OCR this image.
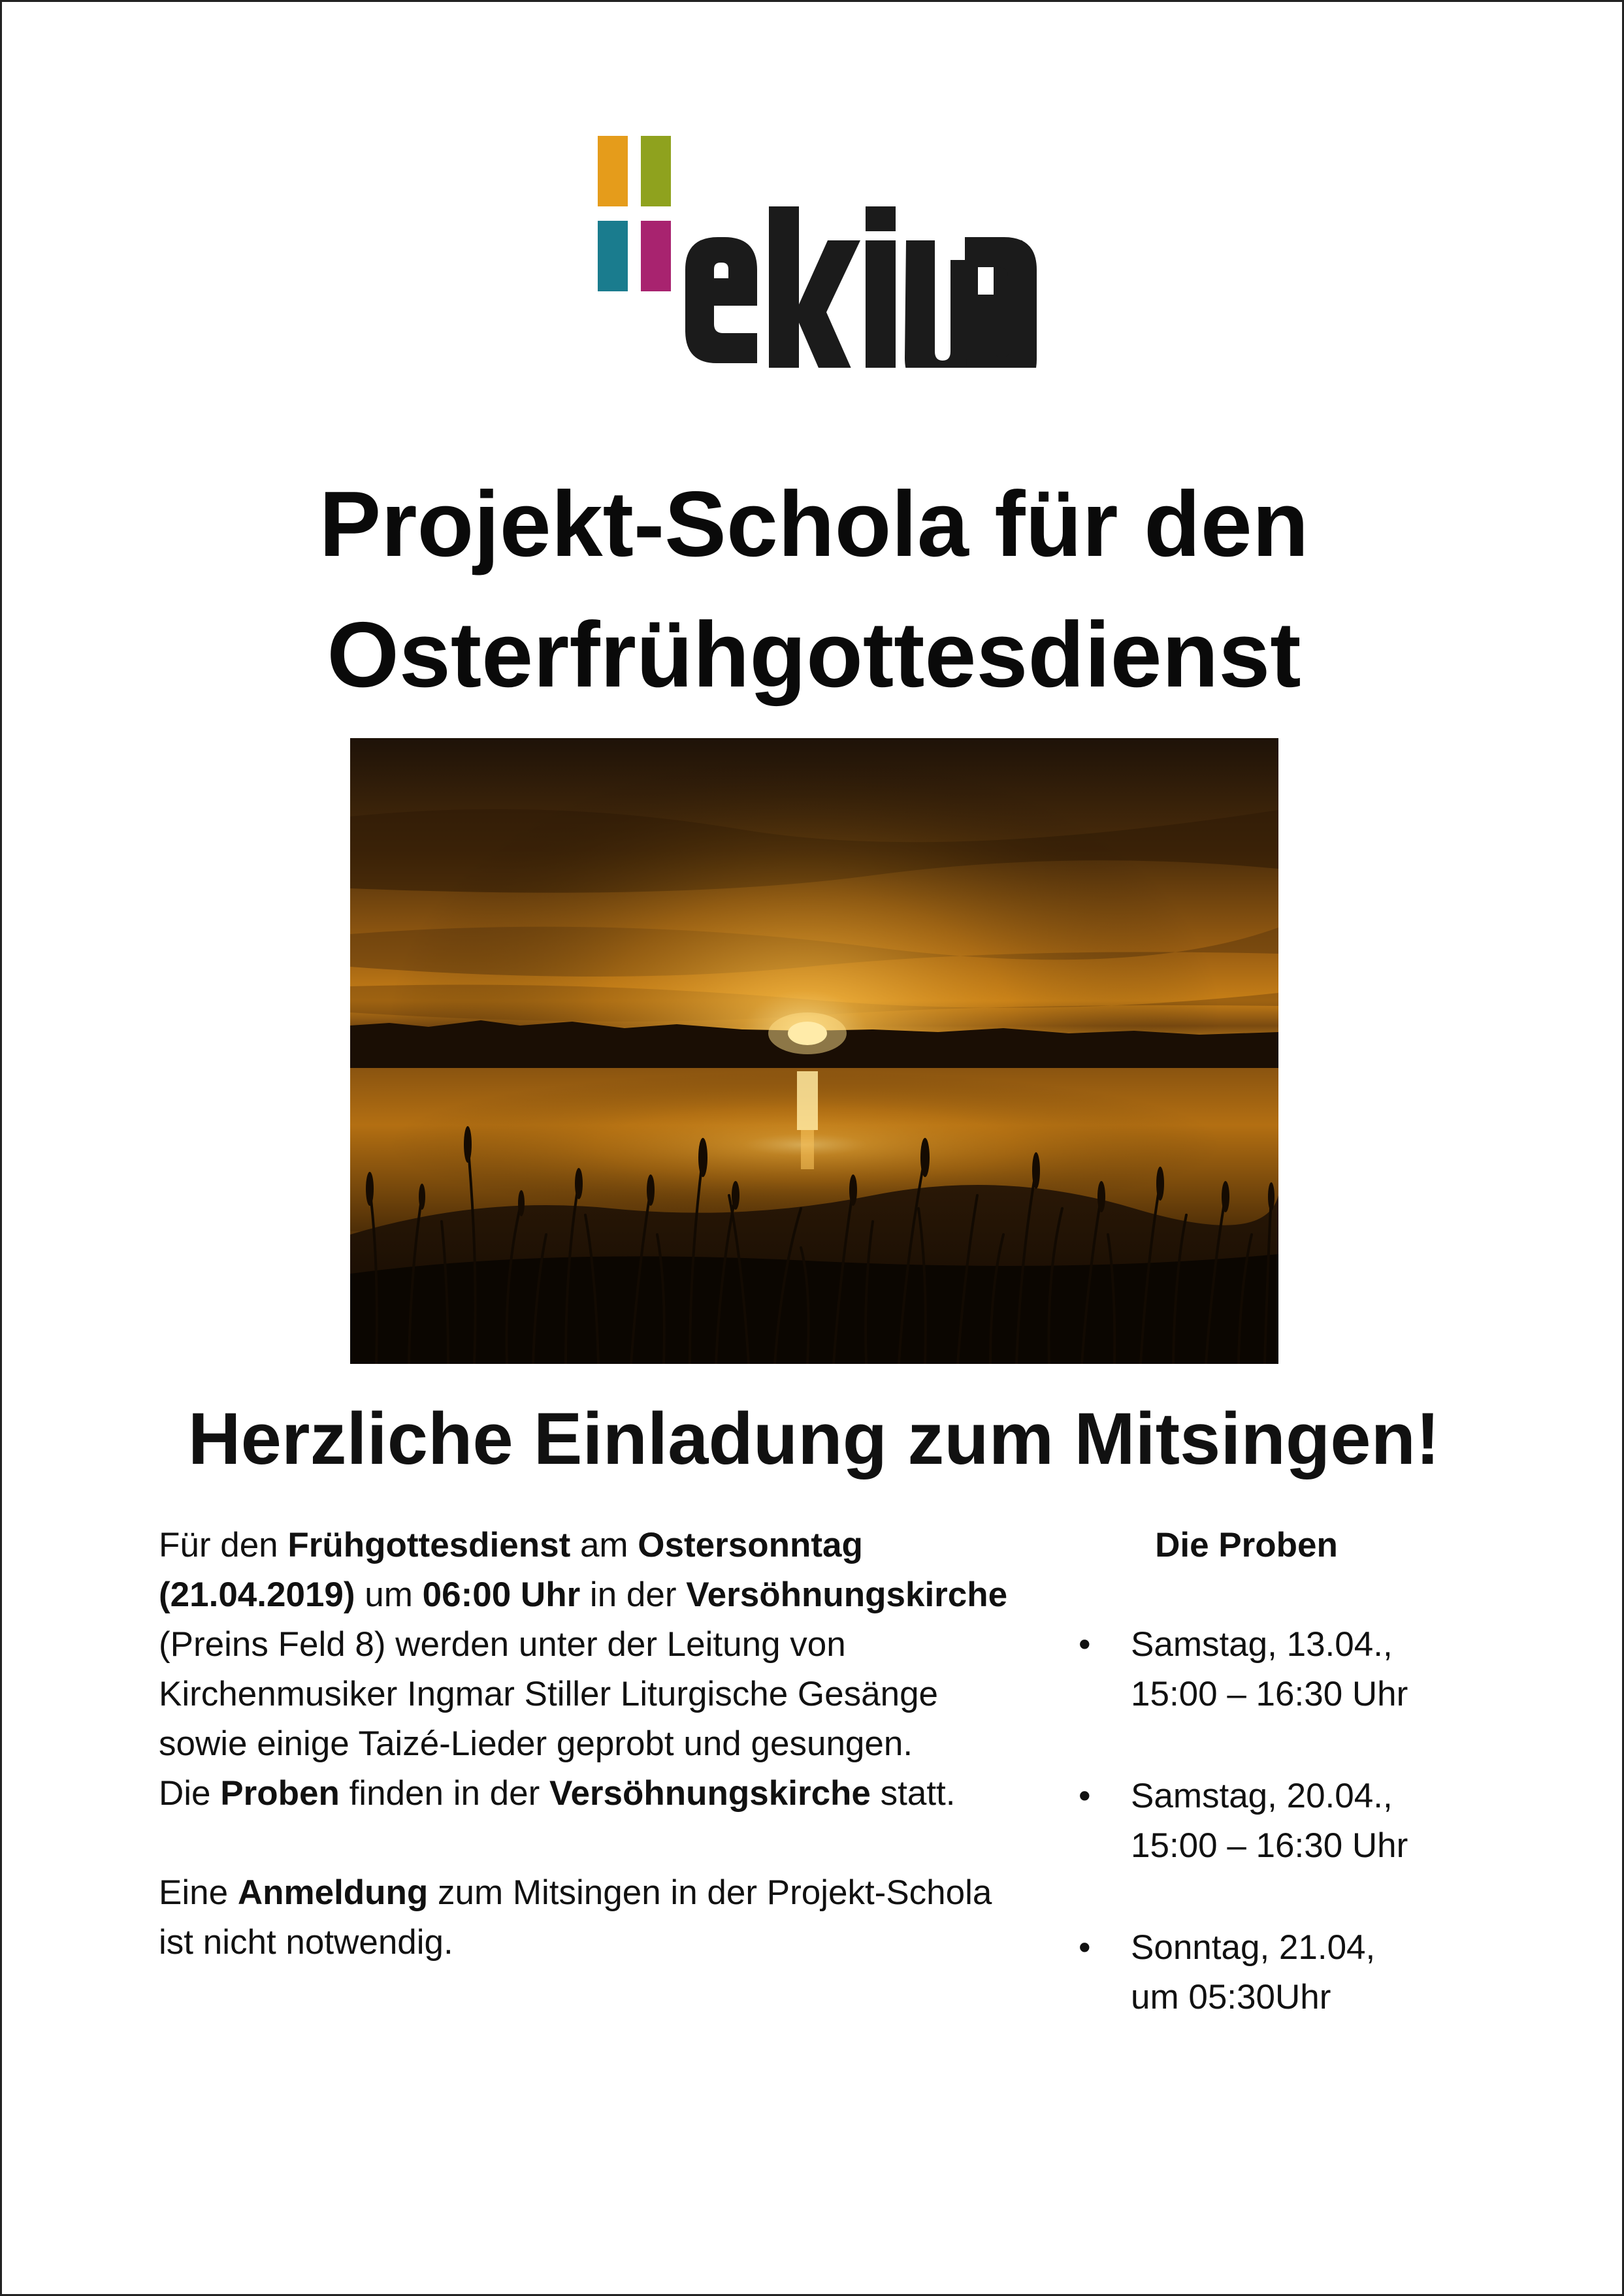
Projekt-Schola für den
Osterfrühgottesdienst
Herzliche Einladung zum Mitsingen!

Für den Frühgottesdienst am Ostersonntag (21.04.2019) um 06:00 Uhr in der Versöhnungskirche (Preins Feld 8) werden unter der Leitung von Kirchenmusiker Ingmar Stiller Liturgische Gesänge sowie einige Taizé-Lieder geprobt und gesungen.

Die Proben finden in der Versöhnungskirche statt.

Eine Anmeldung zum Mitsingen in der Projekt-Schola ist nicht notwendig.

Die Proben
• Samstag, 13.04.,
15:00 – 16:30 Uhr
• Samstag, 20.04.,
15:00 – 16:30 Uhr
• Sonntag, 21.04,
um 05:30Uhr
